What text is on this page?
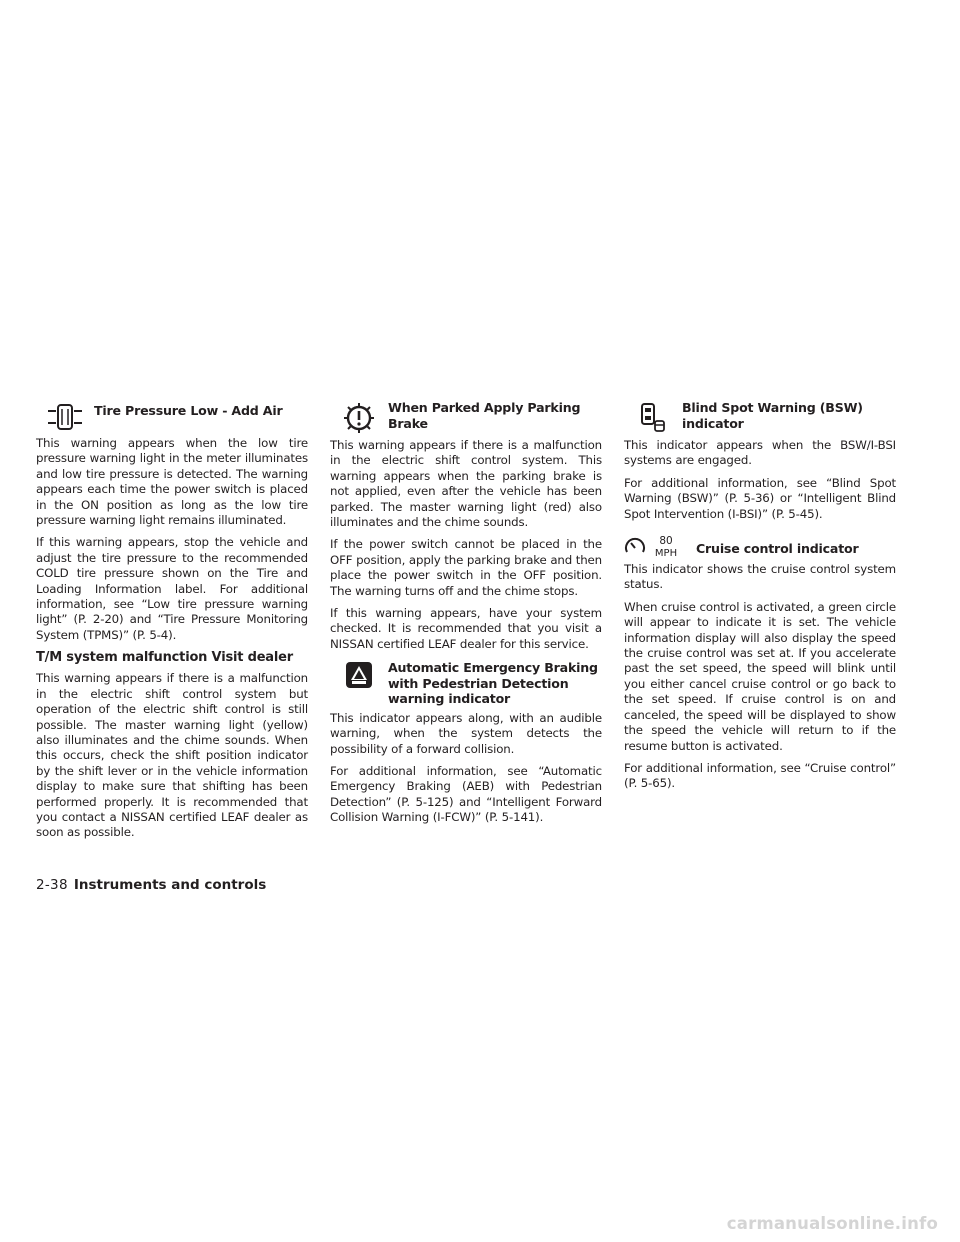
Tire Pressure Low - Add Air

This warning appears when the low tire pressure warning light in the meter illuminates and low tire pressure is detected. The warning appears each time the power switch is placed in the ON position as long as the low tire pressure warning light remains illuminated.

If this warning appears, stop the vehicle and adjust the tire pressure to the recommended COLD tire pressure shown on the Tire and Loading Information label. For additional information, see “Low tire pressure warning light” (P. 2-20) and “Tire Pressure Monitoring System (TPMS)” (P. 5-4).

T/M system malfunction Visit dealer

This warning appears if there is a malfunction in the electric shift control system but operation of the electric shift control is still possible. The master warning light (yellow) also illuminates and the chime sounds. When this occurs, check the shift position indicator by the shift lever or in the vehicle information display to make sure that shifting has been performed properly. It is recommended that you contact a NISSAN certified LEAF dealer as soon as possible.

When Parked Apply Parking Brake

This warning appears if there is a malfunction in the electric shift control system. This warning appears when the parking brake is not applied, even after the vehicle has been parked. The master warning light (red) also illuminates and the chime sounds.

If the power switch cannot be placed in the OFF position, apply the parking brake and then place the power switch in the OFF position. The warning turns off and the chime stops.

If this warning appears, have your system checked. It is recommended that you visit a NISSAN certified LEAF dealer for this service.

Automatic Emergency Braking with Pedestrian Detection warning indicator

This indicator appears along, with an audible warning, when the system detects the possibility of a forward collision.

For additional information, see “Automatic Emergency Braking (AEB) with Pedestrian Detection” (P. 5-125) and “Intelligent Forward Collision Warning (I-FCW)” (P. 5-141).

Blind Spot Warning (BSW) indicator

This indicator appears when the BSW/I-BSI systems are engaged.

For additional information, see “Blind Spot Warning (BSW)” (P. 5-36) or “Intelligent Blind Spot Intervention (I-BSI)” (P. 5-45).

80
MPH Cruise control indicator

This indicator shows the cruise control system status.

When cruise control is activated, a green circle will appear to indicate it is set. The vehicle information display will also display the speed the cruise control was set at. If you accelerate past the set speed, the speed will blink until you either cancel cruise control or go back to the set speed. If cruise control is on and canceled, the speed will be displayed to show the speed the vehicle will return to if the resume button is activated.

For additional information, see “Cruise control” (P. 5-65).

2-38 Instruments and controls
carmanualsonline.info
